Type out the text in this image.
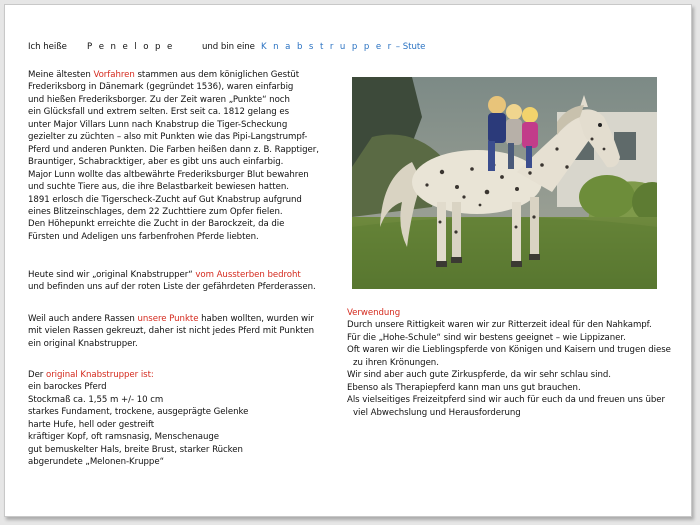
Ich heiße P e n e l o p e	und bin eine K n a b s t r u p p e r – Stute
Meine ältesten Vorfahren stammen aus dem königlichen Gestüt
Frederiksborg in Dänemark (gegründet 1536), waren einfarbig
und hießen Frederiksborger. Zu der Zeit waren „Punkte“ noch
ein Glücksfall und extrem selten. Erst seit ca. 1812 gelang es
unter Major Villars Lunn nach Knabstrup die Tiger-Scheckung
gezielter zu züchten – also mit Punkten wie das Pipi-Langstrumpf-
Pferd und anderen Punkten. Die Farben heißen dann z. B. Rapptiger,
Brauntiger, Schabracktiger, aber es gibt uns auch einfarbig.
Major Lunn wollte das altbewährte Frederiksburger Blut bewahren
und suchte Tiere aus, die ihre Belastbarkeit bewiesen hatten.
1891 erlosch die Tigerscheck-Zucht auf Gut Knabstrup aufgrund
eines Blitzeinschlages, dem 22 Zuchttiere zum Opfer fielen.
Den Höhepunkt erreichte die Zucht in der Barockzeit, da die
Fürsten und Adeligen uns farbenfrohen Pferde liebten.
Heute sind wir „original Knabstrupper“ vom Aussterben bedroht
und befinden uns auf der roten Liste der gefährdeten Pferderassen.
Weil auch andere Rassen unsere Punkte haben wollten, wurden wir
mit vielen Rassen gekreuzt, daher ist nicht jedes Pferd mit Punkten
ein original Knabstrupper.
Der original Knabstrupper ist:
ein barockes Pferd
Stockmaß ca. 1,55 m +/- 10 cm
starkes Fundament, trockene, ausgeprägte Gelenke
harte Hufe, hell oder gestreift
kräftiger Kopf, oft ramsnasig, Menschenauge
gut bemuskelter Hals, breite Brust, starker Rücken
abgerundete „Melonen-Kruppe“
Verwendung
Durch unsere Rittigkeit waren wir zur Ritterzeit ideal für den Nahkampf.
Für die „Hohe-Schule“ sind wir bestens geeignet – wie Lippizaner.
Oft waren wir die Lieblingspferde von Königen und Kaisern und trugen diese
zu ihren Krönungen.
Wir sind aber auch gute Zirkuspferde, da wir sehr schlau sind.
Ebenso als Therapiepferd kann man uns gut brauchen.
Als vielseitiges Freizeitpferd sind wir auch für euch da und freuen uns über
viel Abwechslung und Herausforderung
